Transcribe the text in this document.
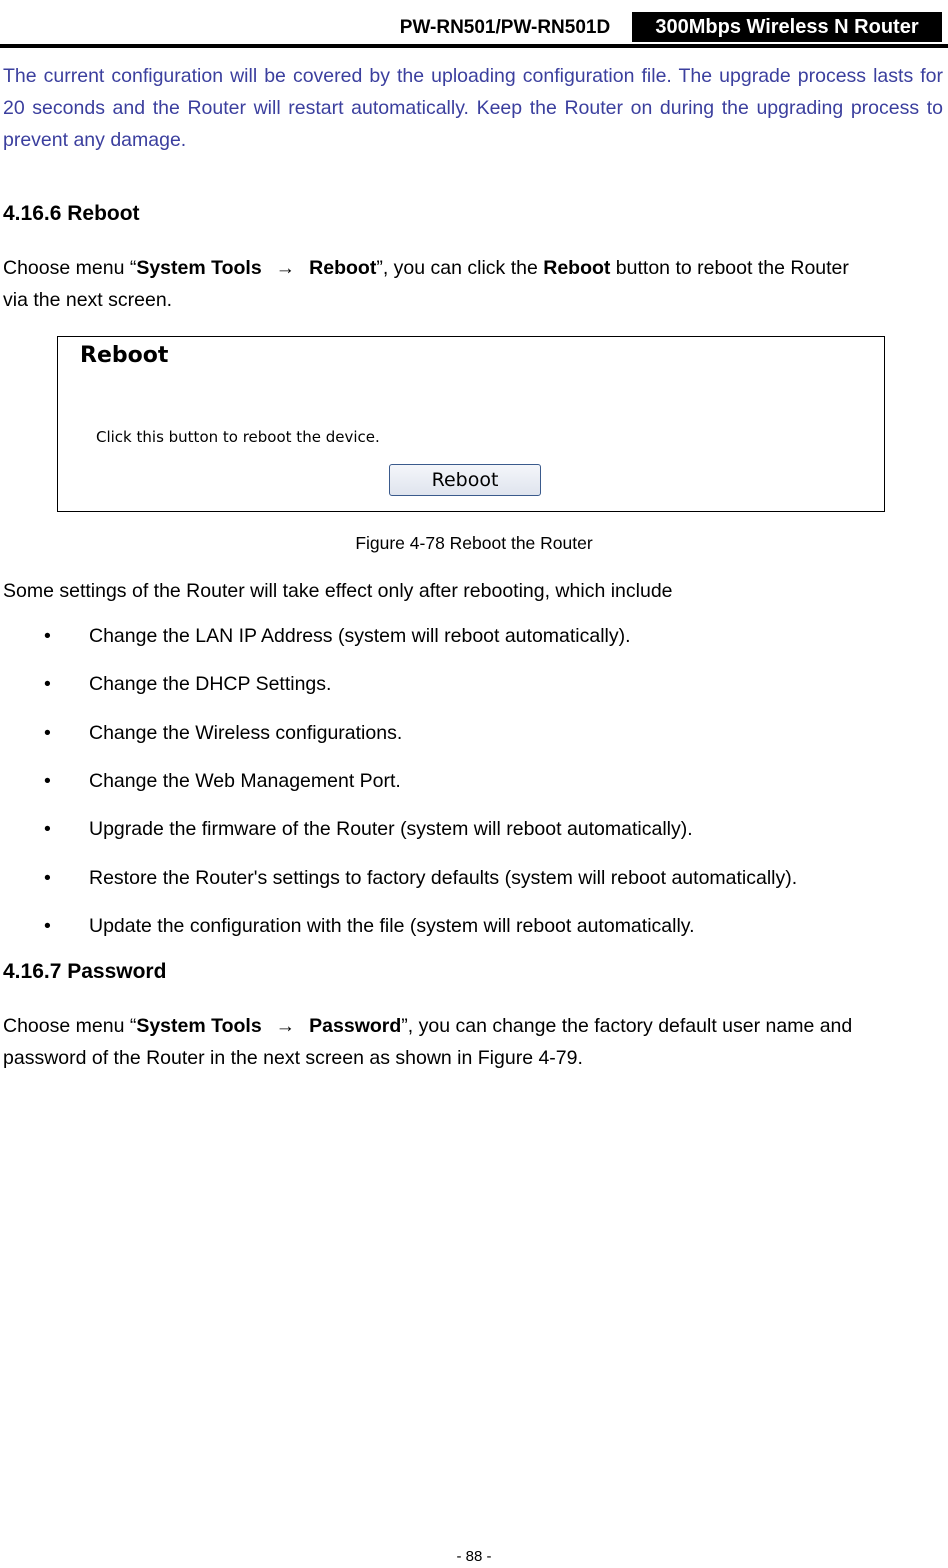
PW-RN501/PW-RN501D	300Mbps Wireless N Router
The current configuration will be covered by the uploading configuration file. The upgrade process lasts for 20 seconds and the Router will restart automatically. Keep the Router on during the upgrading process to prevent any damage.
4.16.6 Reboot
Choose menu “System Tools → Reboot”, you can click the Reboot button to reboot the Router
via the next screen.
Reboot
Click this button to reboot the device.
Reboot
Figure 4-78 Reboot the Router
Some settings of the Router will take effect only after rebooting, which include
• Change the LAN IP Address (system will reboot automatically).
• Change the DHCP Settings.
• Change the Wireless configurations.
• Change the Web Management Port.
• Upgrade the firmware of the Router (system will reboot automatically).
• Restore the Router's settings to factory defaults (system will reboot automatically).
• Update the configuration with the file (system will reboot automatically.
4.16.7 Password
Choose menu “System Tools → Password”, you can change the factory default user name and
password of the Router in the next screen as shown in Figure 4-79.
- 88 -
